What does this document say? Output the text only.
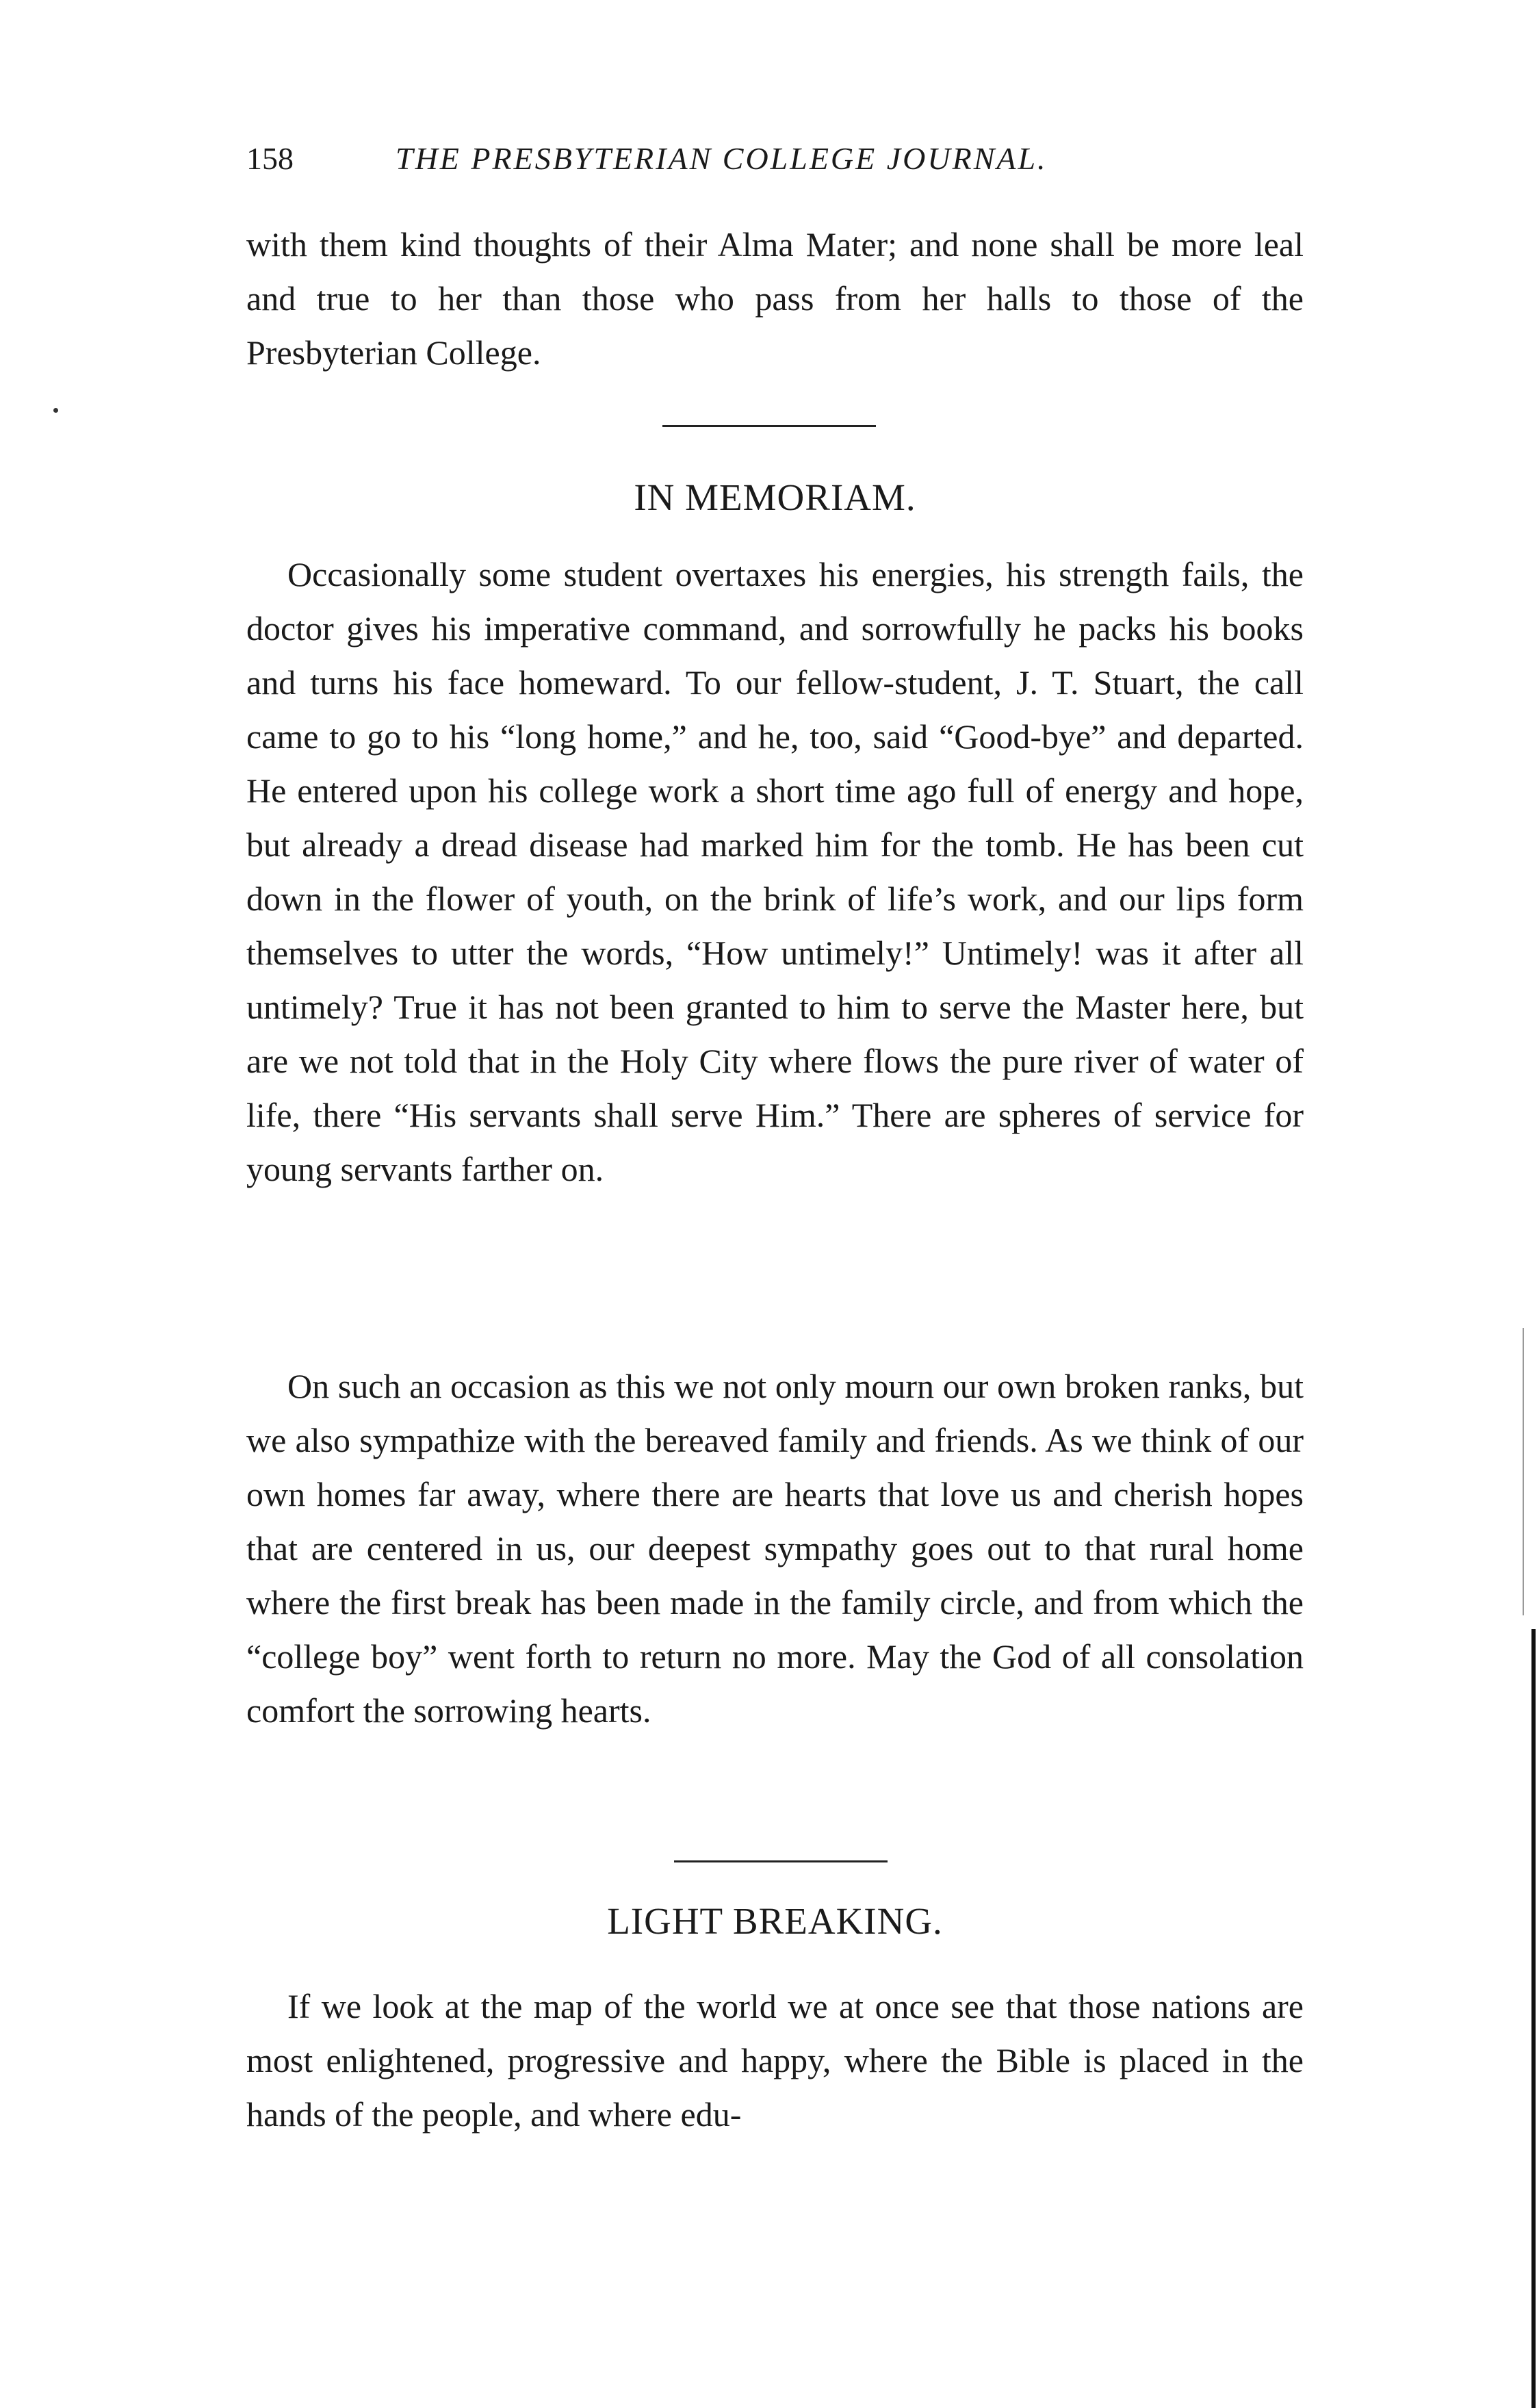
158	THE PRESBYTERIAN COLLEGE JOURNAL.

with them kind thoughts of their Alma Mater; and none shall be more leal and true to her than those who pass from her halls to those of the Presbyterian College.

IN MEMORIAM.

Occasionally some student overtaxes his energies, his strength fails, the doctor gives his imperative command, and sorrowfully he packs his books and turns his face homeward. To our fellow-student, J. T. Stuart, the call came to go to his “long home,” and he, too, said “Good-bye” and departed. He entered upon his college work a short time ago full of energy and hope, but already a dread disease had marked him for the tomb. He has been cut down in the flower of youth, on the brink of life’s work, and our lips form themselves to utter the words, “How untimely!” Untimely! was it after all untimely? True it has not been granted to him to serve the Master here, but are we not told that in the Holy City where flows the pure river of water of life, there “His servants shall serve Him.” There are spheres of service for young servants farther on.

On such an occasion as this we not only mourn our own broken ranks, but we also sympathize with the bereaved family and friends. As we think of our own homes far away, where there are hearts that love us and cherish hopes that are centered in us, our deepest sympathy goes out to that rural home where the first break has been made in the family circle, and from which the “college boy” went forth to return no more. May the God of all consolation comfort the sorrowing hearts.

LIGHT BREAKING.

If we look at the map of the world we at once see that those nations are most enlightened, progressive and happy, where the Bible is placed in the hands of the people, and where edu-
